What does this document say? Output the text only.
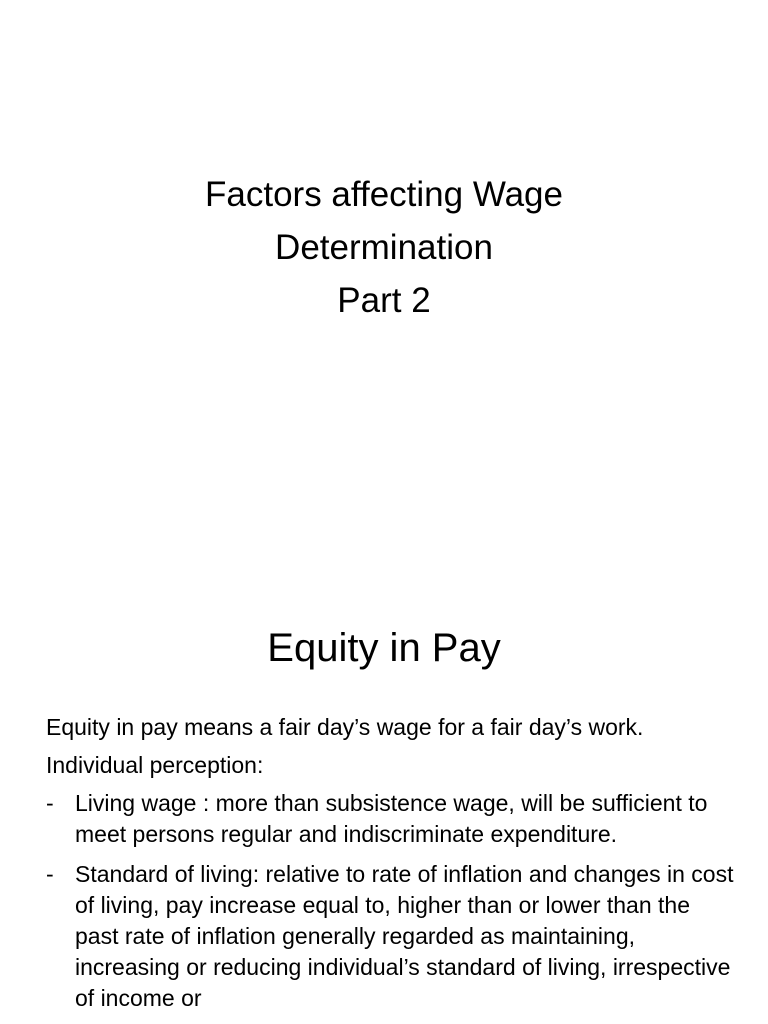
Factors affecting Wage
Determination
Part 2
Equity in Pay

Equity in pay means a fair day’s wage for a fair day’s work.

Individual perception:

- Living wage : more than subsistence wage, will be sufficient to meet persons regular and indiscriminate expenditure.
- Standard of living: relative to rate of inflation and changes in cost of living, pay increase equal to, higher than or lower than the past rate of inflation generally regarded as maintaining, increasing or reducing individual’s standard of living, irrespective of income or
